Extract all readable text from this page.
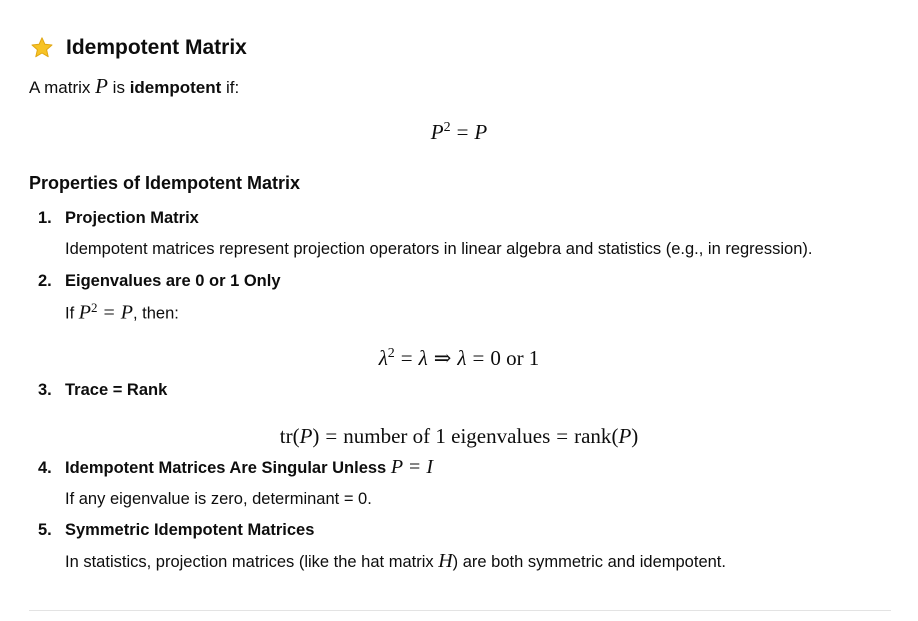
Idempotent Matrix
A matrix P is idempotent if:
$P^2 = P$
Properties of Idempotent Matrix
1. Projection Matrix
Idempotent matrices represent projection operators in linear algebra and statistics (e.g., in regression).
2. Eigenvalues are 0 or 1 Only
If $P^2 = P$, then:
$\lambda^2 = \lambda$ ⇒ λ = 0 or 1
3. Trace = Rank
tr(P) = number of 1 eigenvalues = rank(P)
4. Idempotent Matrices Are Singular Unless P = I
If any eigenvalue is zero, determinant = 0.
5. Symmetric Idempotent Matrices
In statistics, projection matrices (like the hat matrix H) are both symmetric and idempotent.
